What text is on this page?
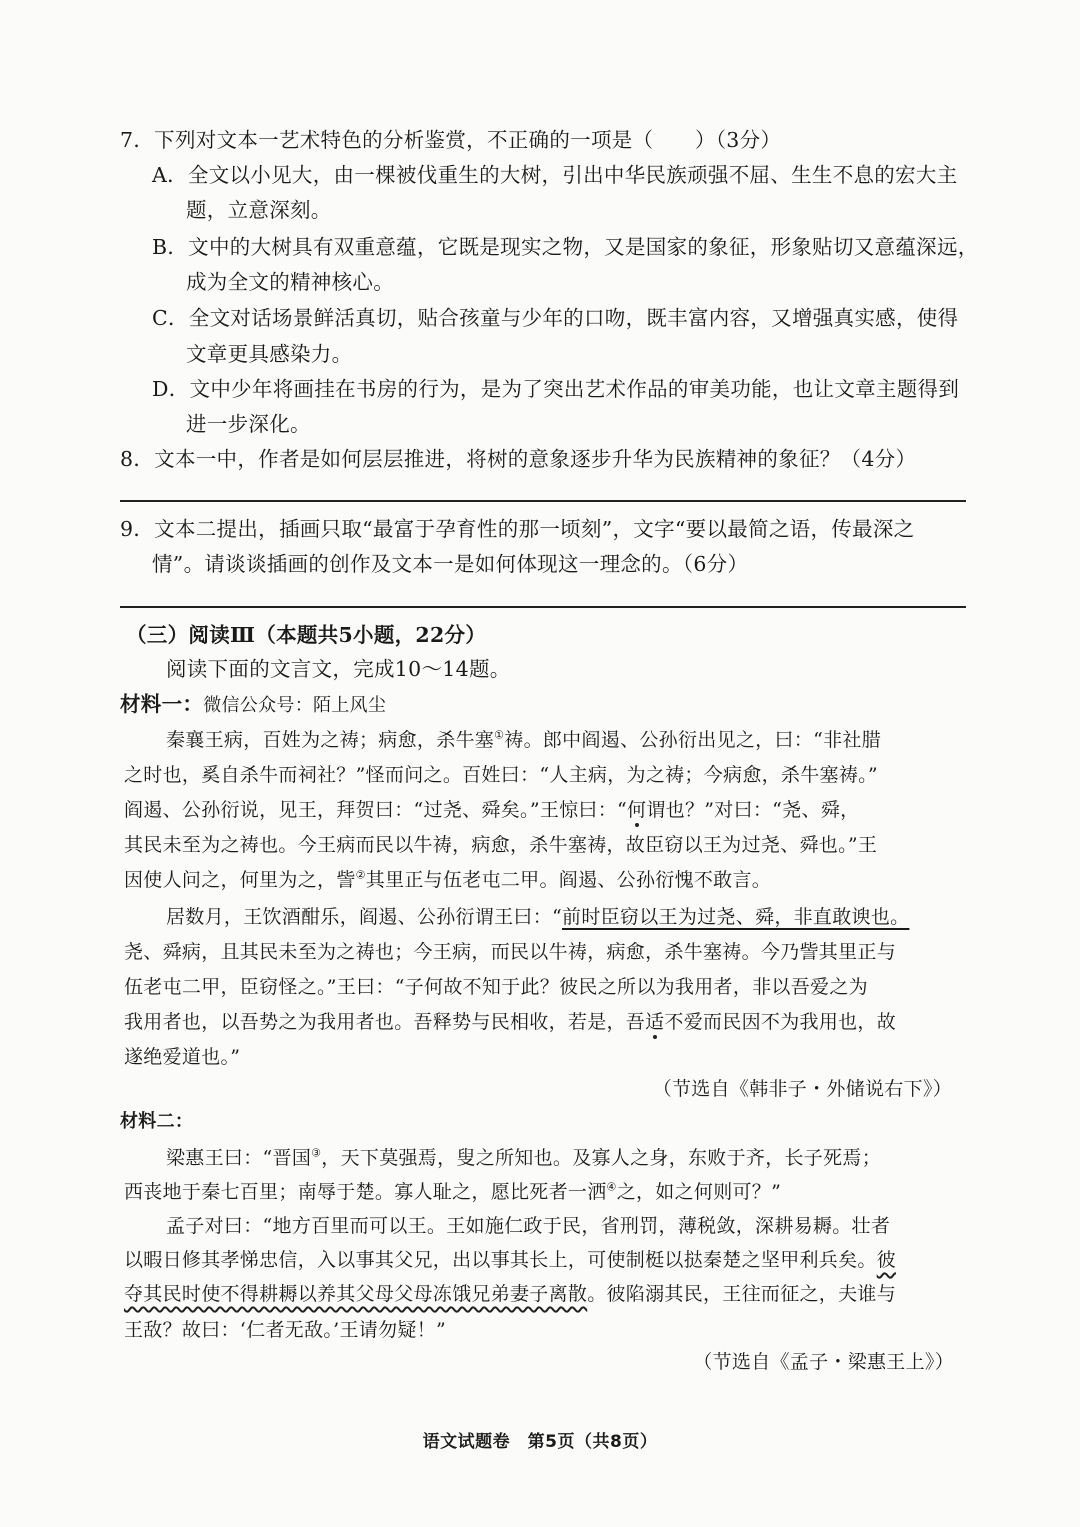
7．下列对文本一艺术特色的分析鉴赏，不正确的一项是（　　）（3分）
A．全文以小见大，由一棵被伐重生的大树，引出中华民族顽强不屈、生生不息的宏大主
题，立意深刻。
B．文中的大树具有双重意蕴，它既是现实之物，又是国家的象征，形象贴切又意蕴深远，
成为全文的精神核心。
C．全文对话场景鲜活真切，贴合孩童与少年的口吻，既丰富内容，又增强真实感，使得
文章更具感染力。
D．文中少年将画挂在书房的行为，是为了突出艺术作品的审美功能，也让文章主题得到
进一步深化。
8．文本一中，作者是如何层层推进，将树的意象逐步升华为民族精神的象征？（4分）
9．文本二提出，插画只取“最富于孕育性的那一顷刻”，文字“要以最简之语，传最深之
情”。请谈谈插画的创作及文本一是如何体现这一理念的。（6分）
（三）阅读Ⅲ（本题共5小题，22分）
阅读下面的文言文，完成10～14题。
材料一：微信公众号：陌上风尘
秦襄王病，百姓为之祷；病愈，杀牛塞①祷。郎中阎遏、公孙衍出见之，曰：“非社腊
之时也，奚自杀牛而祠社？”怪而问之。百姓曰：“人主病，为之祷；今病愈，杀牛塞祷。”
阎遏、公孙衍说，见王，拜贺曰：“过尧、舜矣。”王惊曰：“何谓也？”对曰：“尧、舜，
其民未至为之祷也。今王病而民以牛祷，病愈，杀牛塞祷，故臣窃以王为过尧、舜也。”王
因使人问之，何里为之，訾②其里正与伍老屯二甲。阎遏、公孙衍愧不敢言。
居数月，王饮酒酣乐，阎遏、公孙衍谓王曰：“前时臣窃以王为过尧、舜，非直敢谀也。
尧、舜病，且其民未至为之祷也；今王病，而民以牛祷，病愈，杀牛塞祷。今乃訾其里正与
伍老屯二甲，臣窃怪之。”王曰：“子何故不知于此？彼民之所以为我用者，非以吾爱之为
我用者也，以吾势之为我用者也。吾释势与民相收，若是，吾适不爱而民因不为我用也，故
遂绝爱道也。”
（节选自《韩非子・外储说右下》）
材料二：
梁惠王曰：“晋国③，天下莫强焉，叟之所知也。及寡人之身，东败于齐，长子死焉；
西丧地于秦七百里；南辱于楚。寡人耻之，愿比死者一洒④之，如之何则可？”
孟子对曰：“地方百里而可以王。王如施仁政于民，省刑罚，薄税敛，深耕易耨。壮者
以暇日修其孝悌忠信，入以事其父兄，出以事其长上，可使制梃以挞秦楚之坚甲利兵矣。彼
夺其民时使不得耕耨以养其父母父母冻饿兄弟妻子离散。彼陷溺其民，王往而征之，夫谁与
王敌？故曰：‘仁者无敌。’王请勿疑！”
（节选自《孟子・梁惠王上》）
语文试题卷　第5页（共8页）
